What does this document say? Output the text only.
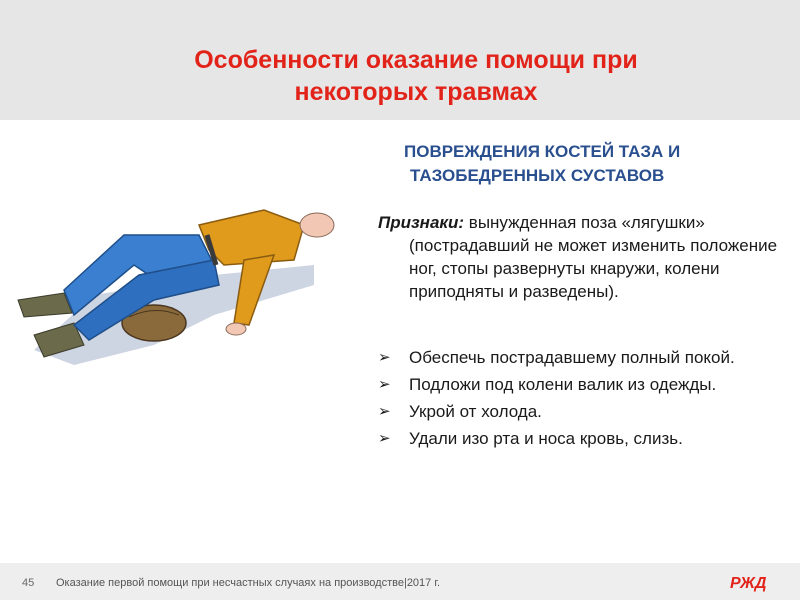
Особенности оказание помощи при
некоторых травмах
ПОВРЕЖДЕНИЯ КОСТЕЙ ТАЗА И
ТАЗОБЕДРЕННЫХ СУСТАВОВ
Признаки: вынужденная поза «лягушки»
(пострадавший не может изменить положение ног, стопы развернуты кнаружи, колени приподняты и разведены).
➢ Обеспечь пострадавшему полный покой.
➢ Подложи под колени валик из одежды.
➢ Укрой от холода.
➢ Удали изо рта и носа кровь, слизь.
45 Оказание первой помощи при несчастных случаях на производстве|2017 г.	РЖД
